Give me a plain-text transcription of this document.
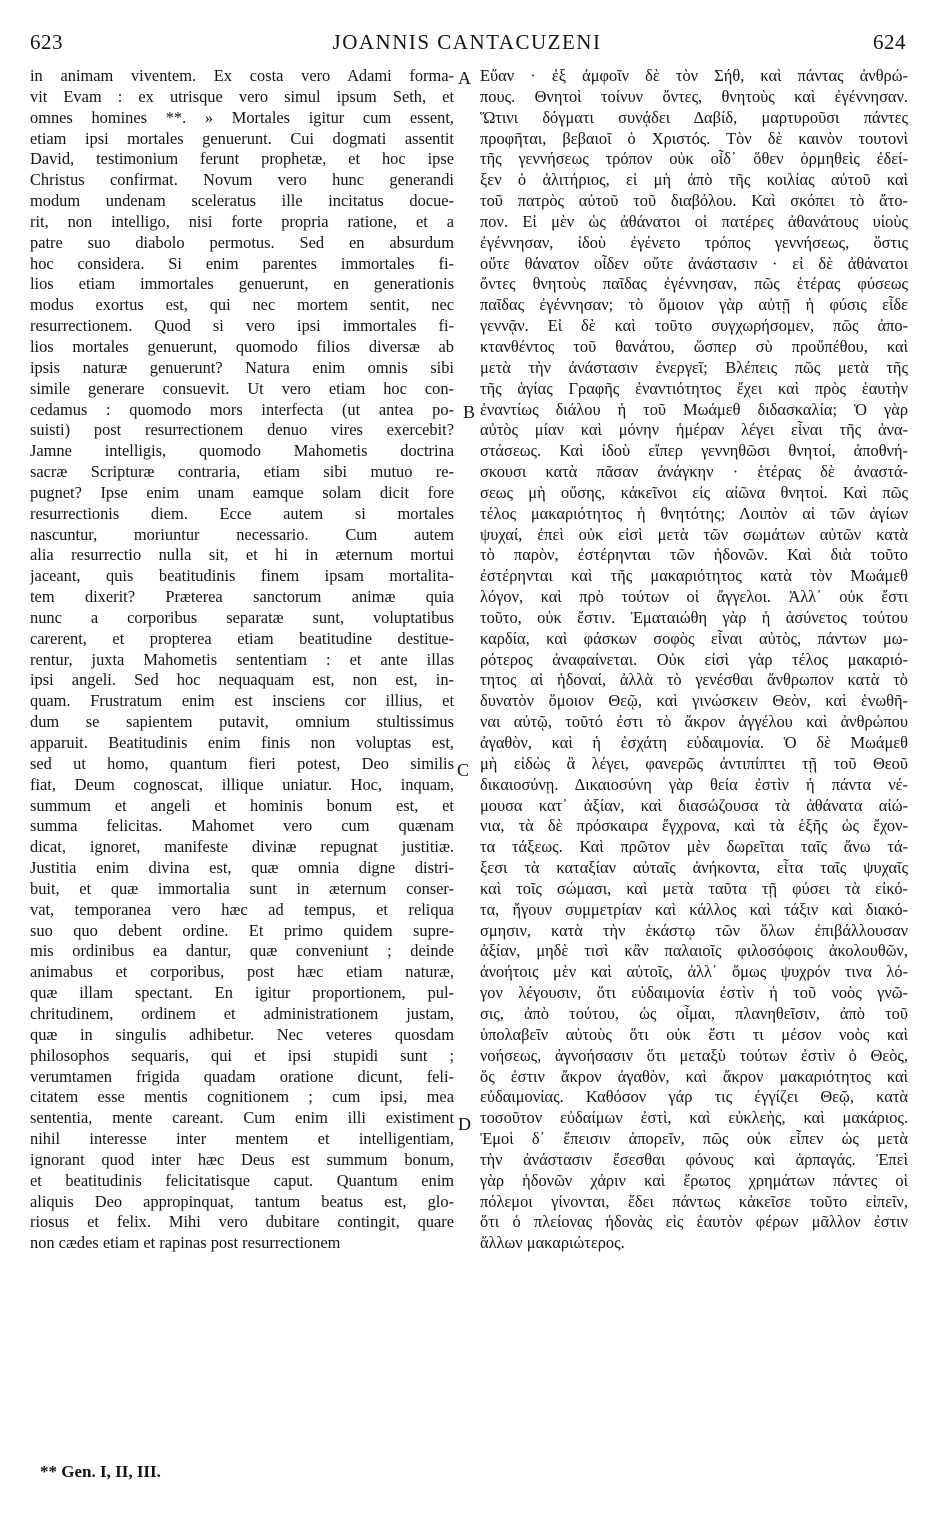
623	JOANNIS CANTACUZENI	624
in animam viventem. Ex costa vero Adami forma-
vit Evam : ex utrisque vero simul ipsum Seth, et
omnes homines **. » Mortales igitur cum essent,
etiam ipsi mortales genuerunt. Cui dogmati assentit
David, testimonium ferunt prophetæ, et hoc ipse
Christus confirmat. Novum vero hunc generandi
modum undenam sceleratus ille incitatus docue-
rit, non intelligo, nisi forte propria ratione, et a
patre suo diabolo permotus. Sed en absurdum
hoc considera. Si enim parentes immortales fi-
lios etiam immortales genuerunt, en generationis
modus exortus est, qui nec mortem sentit, nec
resurrectionem. Quod si vero ipsi immortales fi-
lios mortales genuerunt, quomodo filios diversæ ab
ipsis naturæ genuerunt? Natura enim omnis sibi
simile generare consuevit. Ut vero etiam hoc con-
cedamus : quomodo mors interfecta (ut antea po-
suisti) post resurrectionem denuo vires exercebit?
Jamne intelligis, quomodo Mahometis doctrina
sacræ Scripturæ contraria, etiam sibi mutuo re-
pugnet? Ipse enim unam eamque solam dicit fore
resurrectionis diem. Ecce autem si mortales
nascuntur, moriuntur necessario. Cum autem
alia resurrectio nulla sit, et hi in æternum mortui
jaceant, quis beatitudinis finem ipsam mortalita-
tem dixerit? Præterea sanctorum animæ quia
nunc a corporibus separatæ sunt, voluptatibus
carerent, et propterea etiam beatitudine destitue-
rentur, juxta Mahometis sententiam : et ante illas
ipsi angeli. Sed hoc nequaquam est, non est, in-
quam. Frustratum enim est insciens cor illius, et
dum se sapientem putavit, omnium stultissimus
apparuit. Beatitudinis enim finis non voluptas est,
sed ut homo, quantum fieri potest, Deo similis
fiat, Deum cognoscat, illique uniatur. Hoc, inquam,
summum et angeli et hominis bonum est, et
summa felicitas. Mahomet vero cum quænam
dicat, ignoret, manifeste divinæ repugnat justitiæ.
Justitia enim divina est, quæ omnia digne distri-
buit, et quæ immortalia sunt in æternum conser-
vat, temporanea vero hæc ad tempus, et reliqua
suo quo debent ordine. Et primo quidem supre-
mis ordinibus ea dantur, quæ conveniunt ; deinde
animabus et corporibus, post hæc etiam naturæ,
quæ illam spectant. En igitur proportionem, pul-
chritudinem, ordinem et administrationem justam,
quæ in singulis adhibetur. Nec veteres quosdam
philosophos sequaris, qui et ipsi stupidi sunt ;
verumtamen frigida quadam oratione dicunt, feli-
citatem esse mentis cognitionem ; cum ipsi, mea
sententia, mente careant. Cum enim illi existiment
nihil interesse inter mentem et intelligentiam,
ignorant quod inter hæc Deus est summum bonum,
et beatitudinis felicitatisque caput. Quantum enim
aliquis Deo appropinquat, tantum beatus est, glo-
riosus et felix. Mihi vero dubitare contingit, quare
non cædes etiam et rapinas post resurrectionem
Εὔαν · ἐξ ἀμφοῖν δὲ τὸν Σήθ, καὶ πάντας ἀνθρώ-
πους. Θνητοὶ τοίνυν ὄντες, θνητοὺς καὶ ἐγέννησαν.
Ὥτινι δόγματι συνᾴδει Δαβίδ, μαρτυροῦσι πάντες
προφῆται, βεβαιοῖ ὁ Χριστός. Τὸν δὲ καινὸν τουτονὶ
τῆς γεννήσεως τρόπον οὐκ οἶδ᾽ ὅθεν ὁρμηθεὶς ἐδεί-
ξεν ὁ ἀλιτήριος, εἰ μὴ ἀπὸ τῆς κοιλίας αὐτοῦ καὶ
τοῦ πατρὸς αὐτοῦ τοῦ διαβόλου. Καὶ σκόπει τὸ ἄτο-
πον. Εἰ μὲν ὡς ἀθάνατοι οἱ πατέρες ἀθανάτους υἱοὺς
ἐγέννησαν, ἰδοὺ ἐγένετο τρόπος γεννήσεως, ὅστις
οὔτε θάνατον οἶδεν οὔτε ἀνάστασιν · εἰ δὲ ἀθάνατοι
ὄντες θνητοὺς παῖδας ἐγέννησαν, πῶς ἑτέρας φύσεως
παῖδας ἐγέννησαν; τὸ ὅμοιον γὰρ αὐτῇ ἡ φύσις εἶδε
γεννᾷν. Εἰ δὲ καὶ τοῦτο συγχωρήσομεν, πῶς ἀπο-
κτανθέντος τοῦ θανάτου, ὥσπερ σὺ προὔπέθου, καὶ
μετὰ τὴν ἀνάστασιν ἐνεργεῖ; Βλέπεις πῶς μετὰ τῆς
τῆς ἁγίας Γραφῆς ἐναντιότητος ἔχει καὶ πρὸς ἑαυτὴν
ἐναντίως διάλου ἡ τοῦ Μωάμεθ διδασκαλία; Ὁ γὰρ
αὐτὸς μίαν καὶ μόνην ἡμέραν λέγει εἶναι τῆς ἀνα-
στάσεως. Καὶ ἰδοὺ εἴπερ γεννηθῶσι θνητοί, ἀποθνή-
σκουσι κατὰ πᾶσαν ἀνάγκην · ἑτέρας δὲ ἀναστά-
σεως μὴ οὔσης, κἀκεῖνοι εἰς αἰῶνα θνητοί. Καὶ πῶς
τέλος μακαριότητος ἡ θνητότης; Λοιπὸν αἱ τῶν ἁγίων
ψυχαί, ἐπεὶ οὐκ εἰσὶ μετὰ τῶν σωμάτων αὐτῶν κατὰ
τὸ παρὸν, ἐστέρηνται τῶν ἡδονῶν. Καὶ διὰ τοῦτο
ἐστέρηνται καὶ τῆς μακαριότητος κατὰ τὸν Μωάμεθ
λόγον, καὶ πρὸ τούτων οἱ ἄγγελοι. Ἀλλ᾽ οὐκ ἔστι
τοῦτο, οὐκ ἔστιν. Ἐματαιώθη γὰρ ἡ ἀσύνετος τούτου
καρδία, καὶ φάσκων σοφὸς εἶναι αὐτὸς, πάντων μω-
ρότερος ἀναφαίνεται. Οὐκ εἰσὶ γὰρ τέλος μακαριό-
τητος αἱ ἡδοναί, ἀλλὰ τὸ γενέσθαι ἄνθρωπον κατὰ τὸ
δυνατὸν ὅμοιον Θεῷ, καὶ γινώσκειν Θεὸν, καὶ ἑνωθῆ-
ναι αὐτῷ, τοῦτό ἐστι τὸ ἄκρον ἀγγέλου καὶ ἀνθρώπου
ἀγαθὸν, καὶ ἡ ἐσχάτη εὐδαιμονία. Ὁ δὲ Μωάμεθ
μὴ εἰδὼς ἃ λέγει, φανερῶς ἀντιπίπτει τῇ τοῦ Θεοῦ
δικαιοσύνῃ. Δικαιοσύνη γὰρ θεία ἐστὶν ἡ πάντα νέ-
μουσα κατ᾽ ἀξίαν, καὶ διασώζουσα τὰ ἀθάνατα αἰώ-
νια, τὰ δὲ πρόσκαιρα ἔγχρονα, καὶ τὰ ἑξῆς ὡς ἔχον-
τα τάξεως. Καὶ πρῶτον μὲν δωρεῖται ταῖς ἄνω τά-
ξεσι τὰ καταξίαν αὐταῖς ἀνήκοντα, εἶτα ταῖς ψυχαῖς
καὶ τοῖς σώμασι, καὶ μετὰ ταῦτα τῇ φύσει τὰ εἰκό-
τα, ἤγουν συμμετρίαν καὶ κάλλος καὶ τάξιν καὶ διακό-
σμησιν, κατὰ τὴν ἑκάστῳ τῶν ὅλων ἐπιβάλλουσαν
ἀξίαν, μηδὲ τισὶ κἂν παλαιοῖς φιλοσόφοις ἀκολουθῶν,
ἀνοήτοις μὲν καὶ αὐτοῖς, ἀλλ᾽ ὅμως ψυχρόν τινα λό-
γον λέγουσιν, ὅτι εὐδαιμονία ἐστὶν ἡ τοῦ νοὸς γνῶ-
σις, ἀπὸ τούτου, ὡς οἶμαι, πλανηθεῖσιν, ἀπὸ τοῦ
ὑπολαβεῖν αὐτοὺς ὅτι οὐκ ἔστι τι μέσον νοὸς καὶ
νοήσεως, ἀγνοήσασιν ὅτι μεταξὺ τούτων ἐστὶν ὁ Θεὸς,
ὅς ἐστιν ἄκρον ἀγαθὸν, καὶ ἄκρον μακαριότητος καὶ
εὐδαιμονίας. Καθόσον γάρ τις ἐγγίζει Θεῷ, κατὰ
τοσοῦτον εὐδαίμων ἐστὶ, καὶ εὐκλεὴς, καὶ μακάριος.
Ἐμοὶ δ᾽ ἔπεισιν ἀπορεῖν, πῶς οὐκ εἶπεν ὡς μετὰ
τὴν ἀνάστασιν ἔσεσθαι φόνους καὶ ἁρπαγάς. Ἐπεὶ
γὰρ ἡδονῶν χάριν καὶ ἔρωτος χρημάτων πάντες οἱ
πόλεμοι γίνονται, ἔδει πάντως κἀκεῖσε τοῦτο εἰπεῖν,
ὅτι ὁ πλείονας ἡδονὰς εἰς ἑαυτὸν φέρων μᾶλλον ἐστιν
ἄλλων μακαριώτερος.
A
B
C
D
** Gen. I, II, III.
